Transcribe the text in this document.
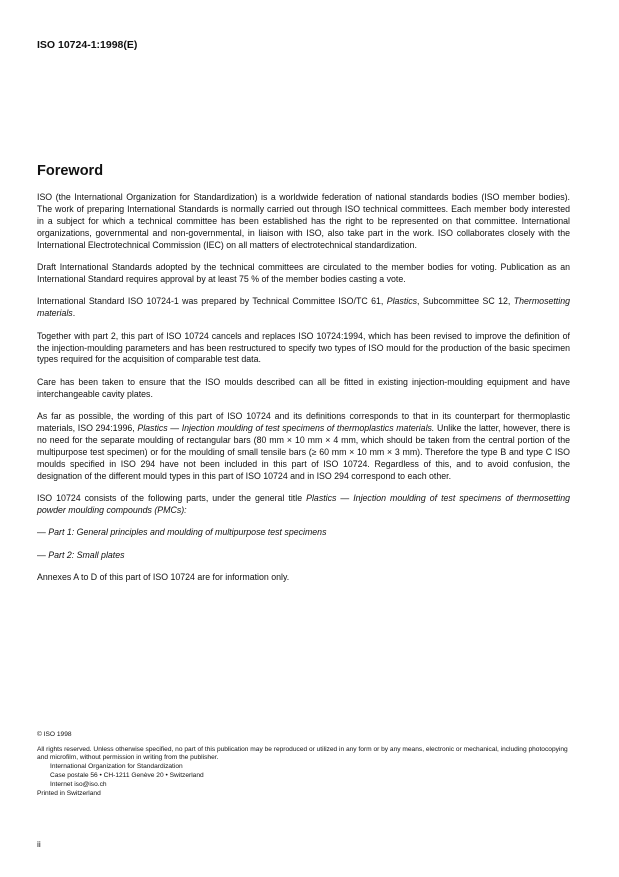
ISO 10724-1:1998(E)
Foreword

ISO (the International Organization for Standardization) is a worldwide federation of national standards bodies (ISO member bodies). The work of preparing International Standards is normally carried out through ISO technical committees. Each member body interested in a subject for which a technical committee has been established has the right to be represented on that committee. International organizations, governmental and non-governmental, in liaison with ISO, also take part in the work. ISO collaborates closely with the International Electrotechnical Commission (IEC) on all matters of electrotechnical standardization.

Draft International Standards adopted by the technical committees are circulated to the member bodies for voting. Publication as an International Standard requires approval by at least 75 % of the member bodies casting a vote.

International Standard ISO 10724-1 was prepared by Technical Committee ISO/TC 61, Plastics, Subcommittee SC 12, Thermosetting materials.

Together with part 2, this part of ISO 10724 cancels and replaces ISO 10724:1994, which has been revised to improve the definition of the injection-moulding parameters and has been restructured to specify two types of ISO mould for the production of the basic specimen types required for the acquisition of comparable test data.

Care has been taken to ensure that the ISO moulds described can all be fitted in existing injection-moulding equipment and have interchangeable cavity plates.

As far as possible, the wording of this part of ISO 10724 and its definitions corresponds to that in its counterpart for thermoplastic materials, ISO 294:1996, Plastics — Injection moulding of test specimens of thermoplastics materials. Unlike the latter, however, there is no need for the separate moulding of rectangular bars (80 mm × 10 mm × 4 mm, which should be taken from the central portion of the multipurpose test specimen) or for the moulding of small tensile bars (≥ 60 mm × 10 mm × 3 mm). Therefore the type B and type C ISO moulds specified in ISO 294 have not been included in this part of ISO 10724. Regardless of this, and to avoid confusion, the designation of the different mould types in this part of ISO 10724 and in ISO 294 correspond to each other.

ISO 10724 consists of the following parts, under the general title Plastics — Injection moulding of test specimens of thermosetting powder moulding compounds (PMCs):

— Part 1: General principles and moulding of multipurpose test specimens

— Part 2: Small plates

Annexes A to D of this part of ISO 10724 are for information only.

© ISO 1998

All rights reserved. Unless otherwise specified, no part of this publication may be reproduced or utilized in any form or by any means, electronic or mechanical, including photocopying and microfilm, without permission in writing from the publisher.

International Organization for Standardization

Case postale 56 • CH-1211 Genève 20 • Switzerland

Internet iso@iso.ch

Printed in Switzerland

ii
